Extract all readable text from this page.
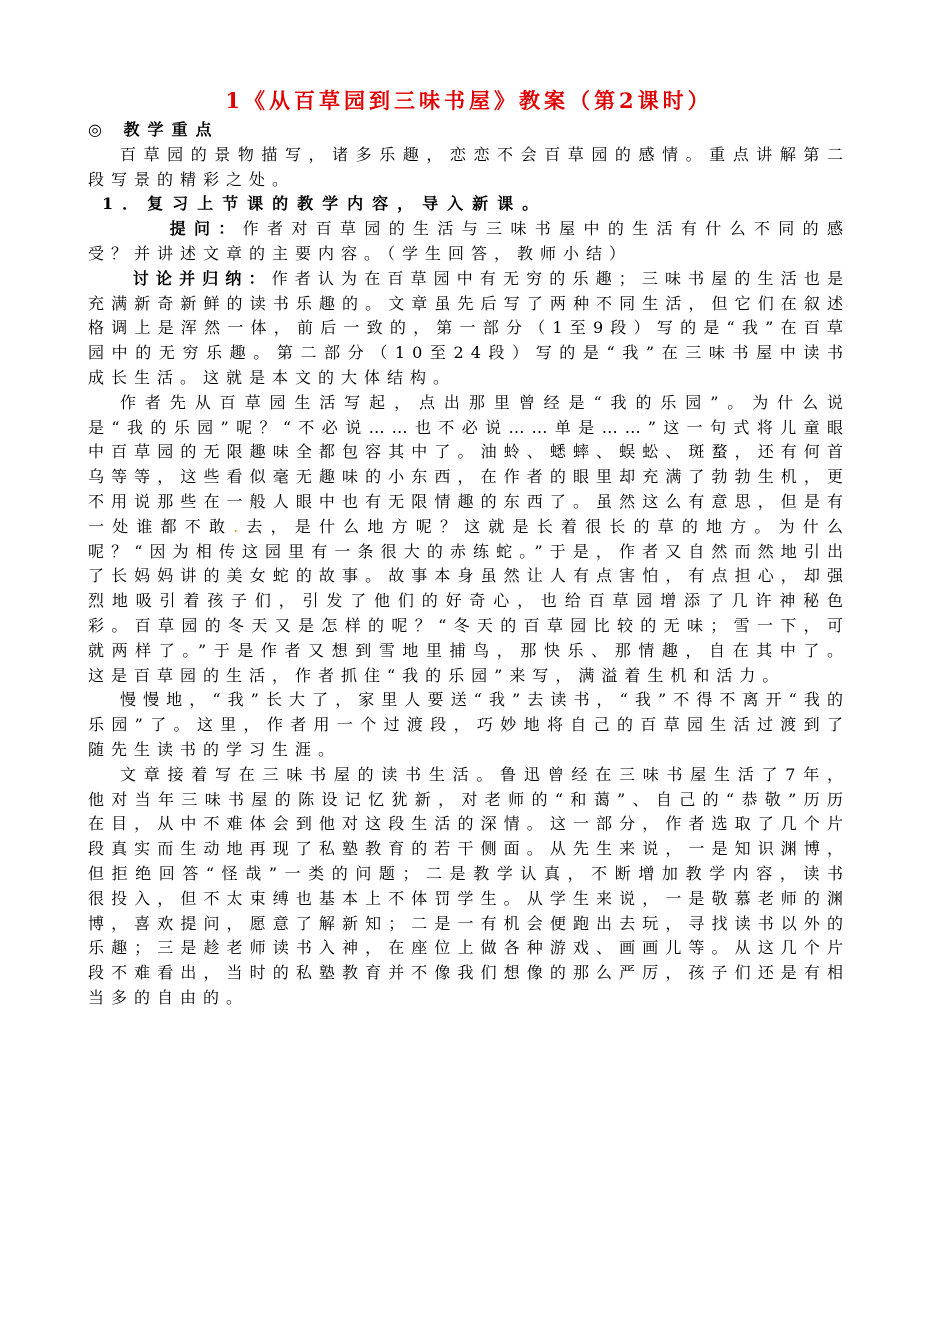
1《从百草园到三味书屋》教案（第2课时）
◎ 教学重点

百草园的景物描写，诸多乐趣，恋恋不会百草园的感情。重点讲解第二段写景的精彩之处。

1．复习上节课的教学内容，导入新课。

提问：作者对百草园的生活与三味书屋中的生活有什么不同的感受？并讲述文章的主要内容。（学生回答，教师小结）

讨论并归纳：作者认为在百草园中有无穷的乐趣；三味书屋的生活也是充满新奇新鲜的读书乐趣的。文章虽先后写了两种不同生活，但它们在叙述格调上是浑然一体，前后一致的，第一部分（1至9段）写的是“我”在百草园中的无穷乐趣。第二部分（10至24段）写的是“我”在三味书屋中读书成长生活。这就是本文的大体结构。

作者先从百草园生活写起，点出那里曾经是“我的乐园”。为什么说是“我的乐园”呢？“不必说……也不必说……单是……”这一句式将儿童眼中百草园的无限趣味全都包容其中了。油蛉、蟋蟀、蜈蚣、斑蝥，还有何首乌等等，这些看似毫无趣味的小东西，在作者的眼里却充满了勃勃生机，更不用说那些在一般人眼中也有无限情趣的东西了。虽然这么有意思，但是有一处谁都不敢.去，是什么地方呢？这就是长着很长的草的地方。为什么呢？“因为相传这园里有一条很大的赤练蛇。”于是，作者又自然而然地引出了长妈妈讲的美女蛇的故事。故事本身虽然让人有点害怕，有点担心，却强烈地吸引着孩子们，引发了他们的好奇心，也给百草园增添了几许神秘色彩。百草园的冬天又是怎样的呢？“冬天的百草园比较的无味；雪一下，可就两样了。”于是作者又想到雪地里捕鸟，那快乐、那情趣，自在其中了。这是百草园的生活，作者抓住“我的乐园”来写，满溢着生机和活力。

慢慢地，“我”长大了，家里人要送“我”去读书，“我”不得不离开“我的乐园”了。这里，作者用一个过渡段，巧妙地将自己的百草园生活过渡到了随先生读书的学习生涯。

文章接着写在三味书屋的读书生活。鲁迅曾经在三味书屋生活了7年，他对当年三味书屋的陈设记忆犹新，对老师的“和蔼”、自己的“恭敬”历历在目，从中不难体会到他对这段生活的深情。这一部分，作者选取了几个片段真实而生动地再现了私塾教育的若干侧面。从先生来说，一是知识渊博，但拒绝回答“怪哉”一类的问题；二是教学认真，不断增加教学内容，读书很投入，但不太束缚也基本上不体罚学生。从学生来说，一是敬慕老师的渊博，喜欢提问，愿意了解新知；二是一有机会便跑出去玩，寻找读书以外的乐趣；三是趁老师读书入神，在座位上做各种游戏、画画儿等。从这几个片段不难看出，当时的私塾教育并不像我们想像的那么严厉，孩子们还是有相当多的自由的。
